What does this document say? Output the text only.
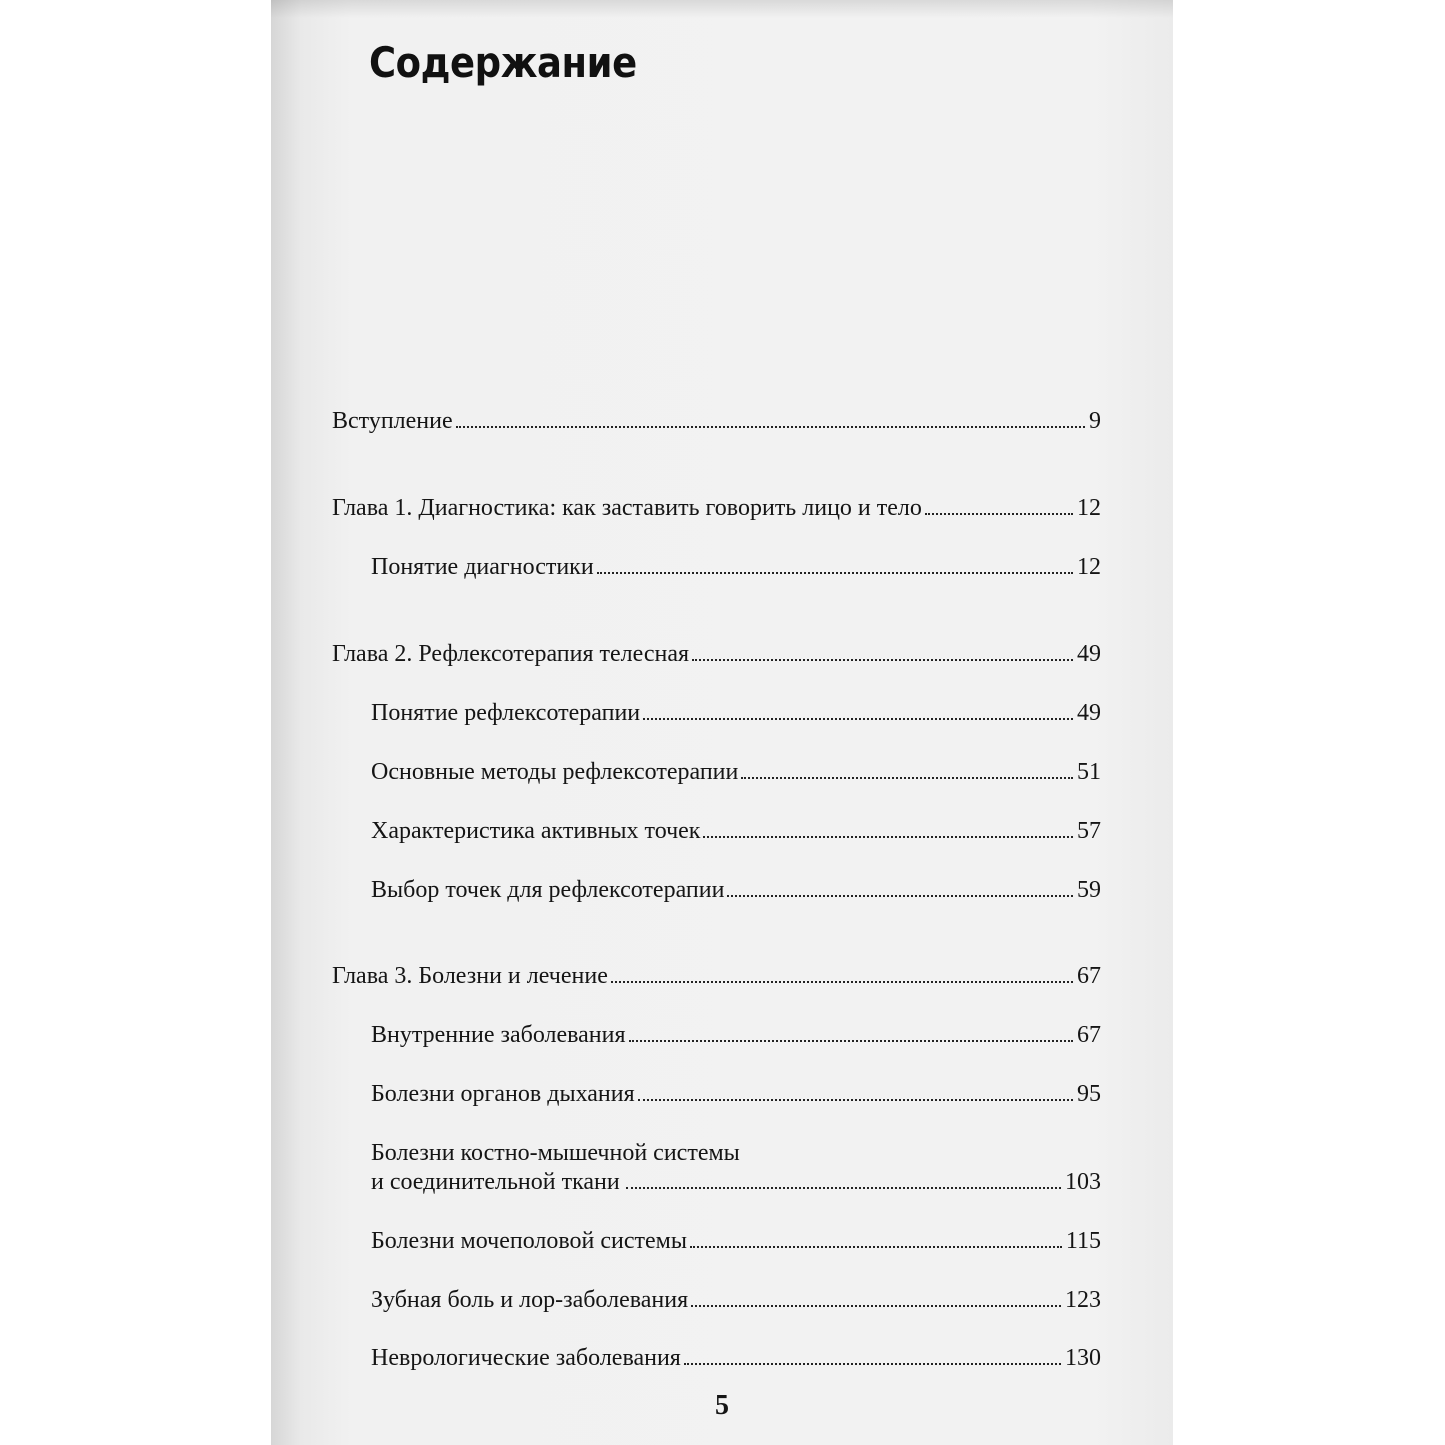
Содержание
Вступление	9
Глава 1. Диагностика: как заставить говорить лицо и тело	12
Понятие диагностики	12
Глава 2. Рефлексотерапия телесная	49
Понятие рефлексотерапии	49
Основные методы рефлексотерапии	51
Характеристика активных точек	57
Выбор точек для рефлексотерапии	59
Глава 3. Болезни и лечение	67
Внутренние заболевания	67
Болезни органов дыхания	95
Болезни костно-мышечной системы
и соединительной ткани	103
Болезни мочеполовой системы	115
Зубная боль и лор-заболевания	123
Неврологические заболевания	130
5
